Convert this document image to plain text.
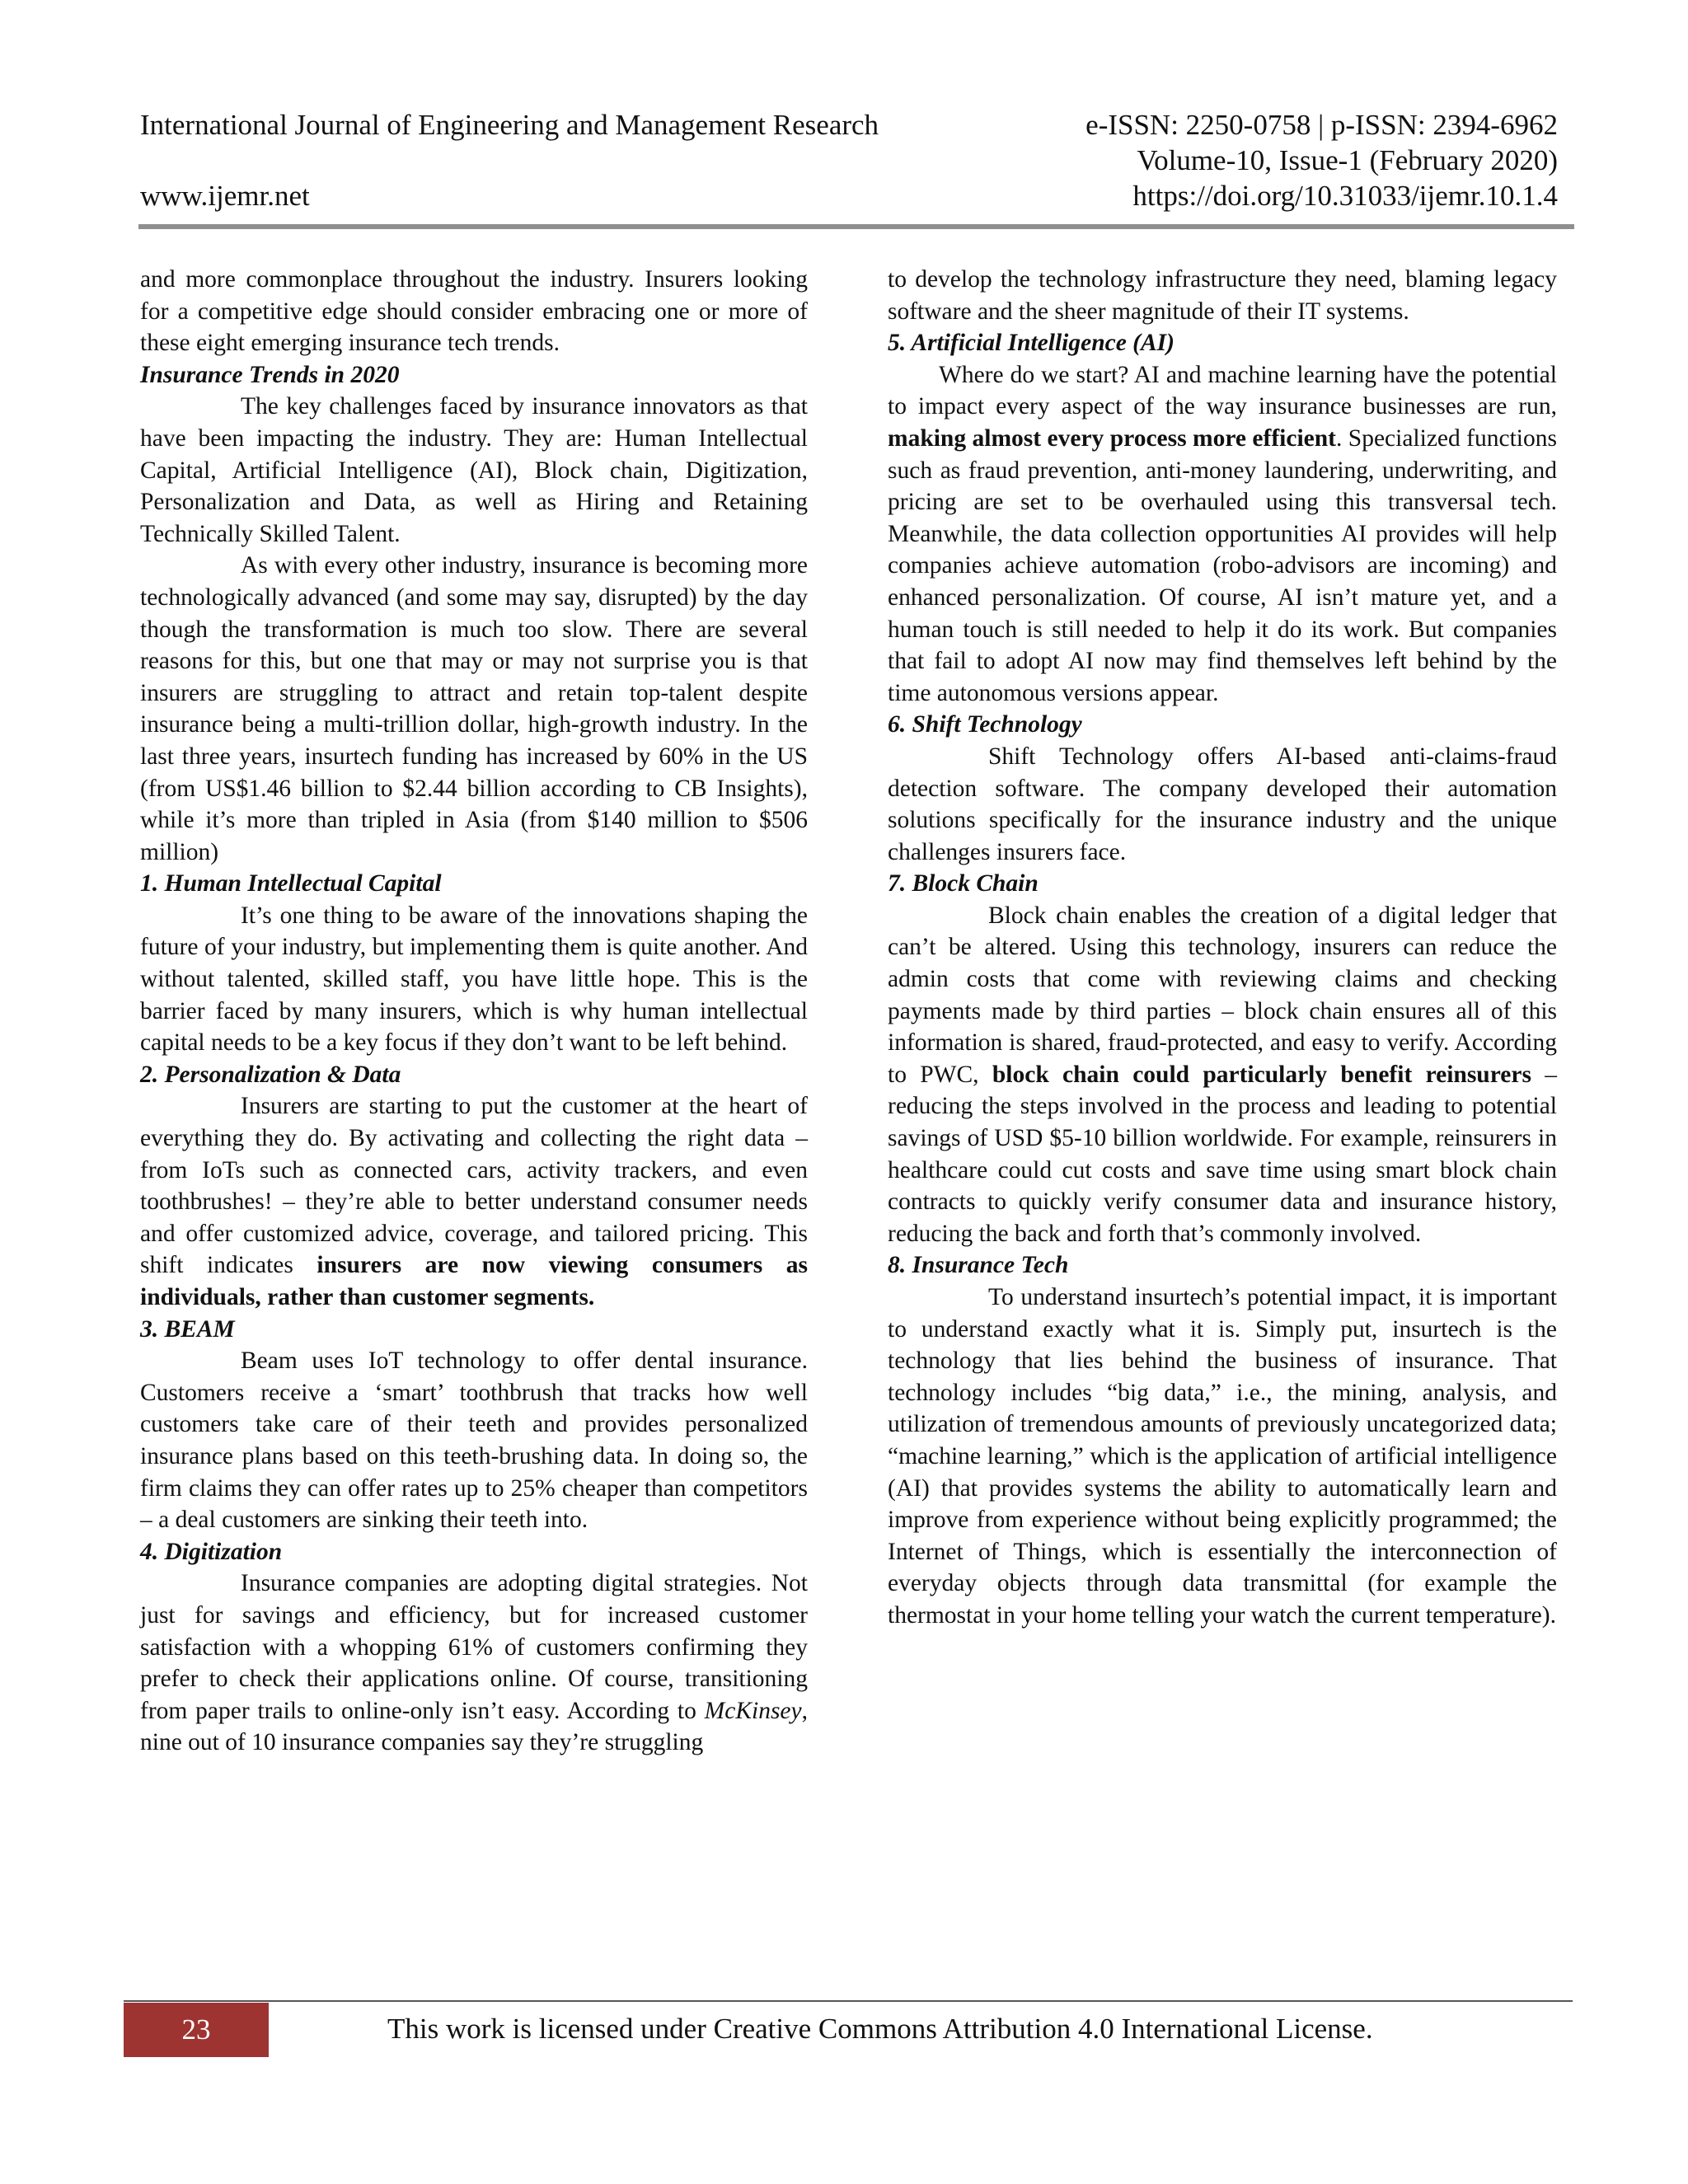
International Journal of Engineering and Management Research	e-ISSN: 2250-0758 | p-ISSN: 2394-6962
Volume-10, Issue-1 (February 2020)
www.ijemr.net	https://doi.org/10.31033/ijemr.10.1.4

and more commonplace throughout the industry. Insurers looking for a competitive edge should consider embracing one or more of these eight emerging insurance tech trends.

Insurance Trends in 2020

The key challenges faced by insurance innovators as that have been impacting the industry. They are: Human Intellectual Capital, Artificial Intelligence (AI), Block chain, Digitization, Personalization and Data, as well as Hiring and Retaining Technically Skilled Talent.

As with every other industry, insurance is becoming more technologically advanced (and some may say, disrupted) by the day though the transformation is much too slow. There are several reasons for this, but one that may or may not surprise you is that insurers are struggling to attract and retain top-talent despite insurance being a multi-trillion dollar, high-growth industry. In the last three years, insurtech funding has increased by 60% in the US (from US$1.46 billion to $2.44 billion according to CB Insights), while it’s more than tripled in Asia (from $140 million to $506 million)

1. Human Intellectual Capital

It’s one thing to be aware of the innovations shaping the future of your industry, but implementing them is quite another. And without talented, skilled staff, you have little hope. This is the barrier faced by many insurers, which is why human intellectual capital needs to be a key focus if they don’t want to be left behind.

2. Personalization & Data

Insurers are starting to put the customer at the heart of everything they do. By activating and collecting the right data – from IoTs such as connected cars, activity trackers, and even toothbrushes! – they’re able to better understand consumer needs and offer customized advice, coverage, and tailored pricing. This shift indicates insurers are now viewing consumers as individuals, rather than customer segments.

3. BEAM

Beam uses IoT technology to offer dental insurance. Customers receive a ‘smart’ toothbrush that tracks how well customers take care of their teeth and provides personalized insurance plans based on this teeth-brushing data. In doing so, the firm claims they can offer rates up to 25% cheaper than competitors – a deal customers are sinking their teeth into.

4. Digitization

Insurance companies are adopting digital strategies. Not just for savings and efficiency, but for increased customer satisfaction with a whopping 61% of customers confirming they prefer to check their applications online. Of course, transitioning from paper trails to online-only isn’t easy. According to McKinsey, nine out of 10 insurance companies say they’re struggling

to develop the technology infrastructure they need, blaming legacy software and the sheer magnitude of their IT systems.

5. Artificial Intelligence (AI)

Where do we start? AI and machine learning have the potential to impact every aspect of the way insurance businesses are run, making almost every process more efficient. Specialized functions such as fraud prevention, anti-money laundering, underwriting, and pricing are set to be overhauled using this transversal tech. Meanwhile, the data collection opportunities AI provides will help companies achieve automation (robo-advisors are incoming) and enhanced personalization. Of course, AI isn’t mature yet, and a human touch is still needed to help it do its work. But companies that fail to adopt AI now may find themselves left behind by the time autonomous versions appear.

6. Shift Technology

Shift Technology offers AI-based anti-claims-fraud detection software. The company developed their automation solutions specifically for the insurance industry and the unique challenges insurers face.

7. Block Chain

Block chain enables the creation of a digital ledger that can’t be altered. Using this technology, insurers can reduce the admin costs that come with reviewing claims and checking payments made by third parties – block chain ensures all of this information is shared, fraud-protected, and easy to verify. According to PWC, block chain could particularly benefit reinsurers – reducing the steps involved in the process and leading to potential savings of USD $5-10 billion worldwide. For example, reinsurers in healthcare could cut costs and save time using smart block chain contracts to quickly verify consumer data and insurance history, reducing the back and forth that’s commonly involved.

8. Insurance Tech

To understand insurtech’s potential impact, it is important to understand exactly what it is. Simply put, insurtech is the technology that lies behind the business of insurance. That technology includes “big data,” i.e., the mining, analysis, and utilization of tremendous amounts of previously uncategorized data; “machine learning,” which is the application of artificial intelligence (AI) that provides systems the ability to automatically learn and improve from experience without being explicitly programmed; the Internet of Things, which is essentially the interconnection of everyday objects through data transmittal (for example the thermostat in your home telling your watch the current temperature).

23	This work is licensed under Creative Commons Attribution 4.0 International License.
